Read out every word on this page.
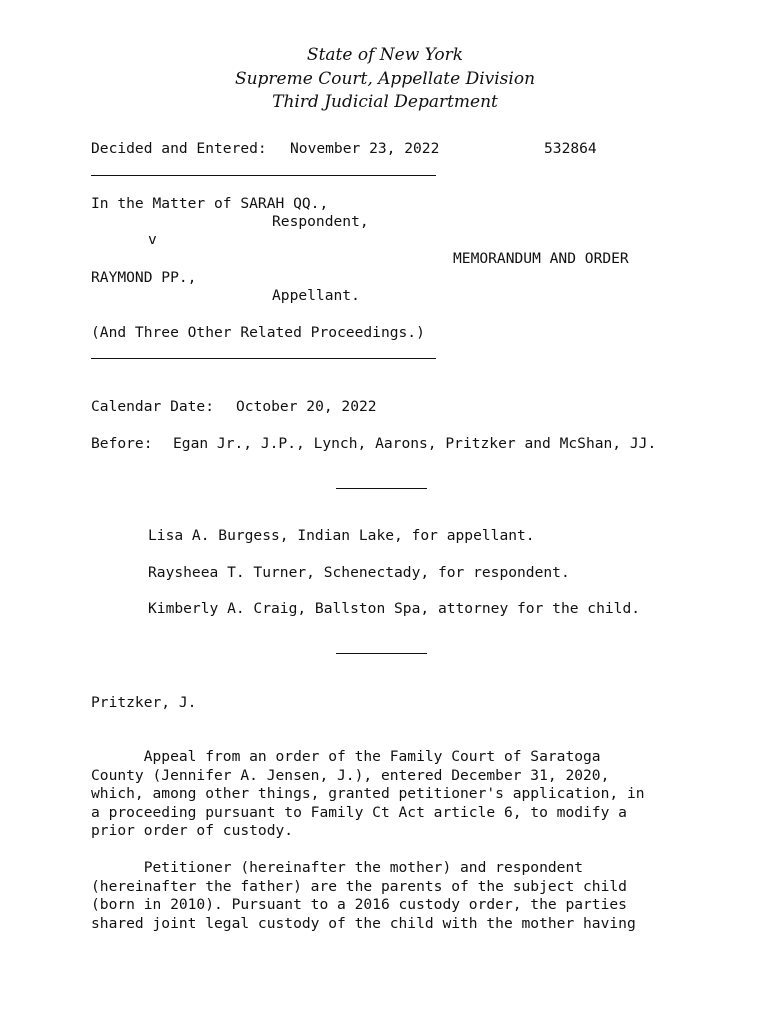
State of New York
Supreme Court, Appellate Division
Third Judicial Department
Decided and Entered: November 23, 2022	532864
In the Matter of SARAH QQ.,
Respondent,
v
MEMORANDUM AND ORDER
RAYMOND PP.,
Appellant.
(And Three Other Related Proceedings.)
Calendar Date: October 20, 2022
Before: Egan Jr., J.P., Lynch, Aarons, Pritzker and McShan, JJ.
Lisa A. Burgess, Indian Lake, for appellant.
Raysheea T. Turner, Schenectady, for respondent.
Kimberly A. Craig, Ballston Spa, attorney for the child.
Pritzker, J.

Appeal from an order of the Family Court of Saratoga
County (Jennifer A. Jensen, J.), entered December 31, 2020,
which, among other things, granted petitioner's application, in
a proceeding pursuant to Family Ct Act article 6, to modify a
prior order of custody.

Petitioner (hereinafter the mother) and respondent
(hereinafter the father) are the parents of the subject child
(born in 2010). Pursuant to a 2016 custody order, the parties
shared joint legal custody of the child with the mother having
